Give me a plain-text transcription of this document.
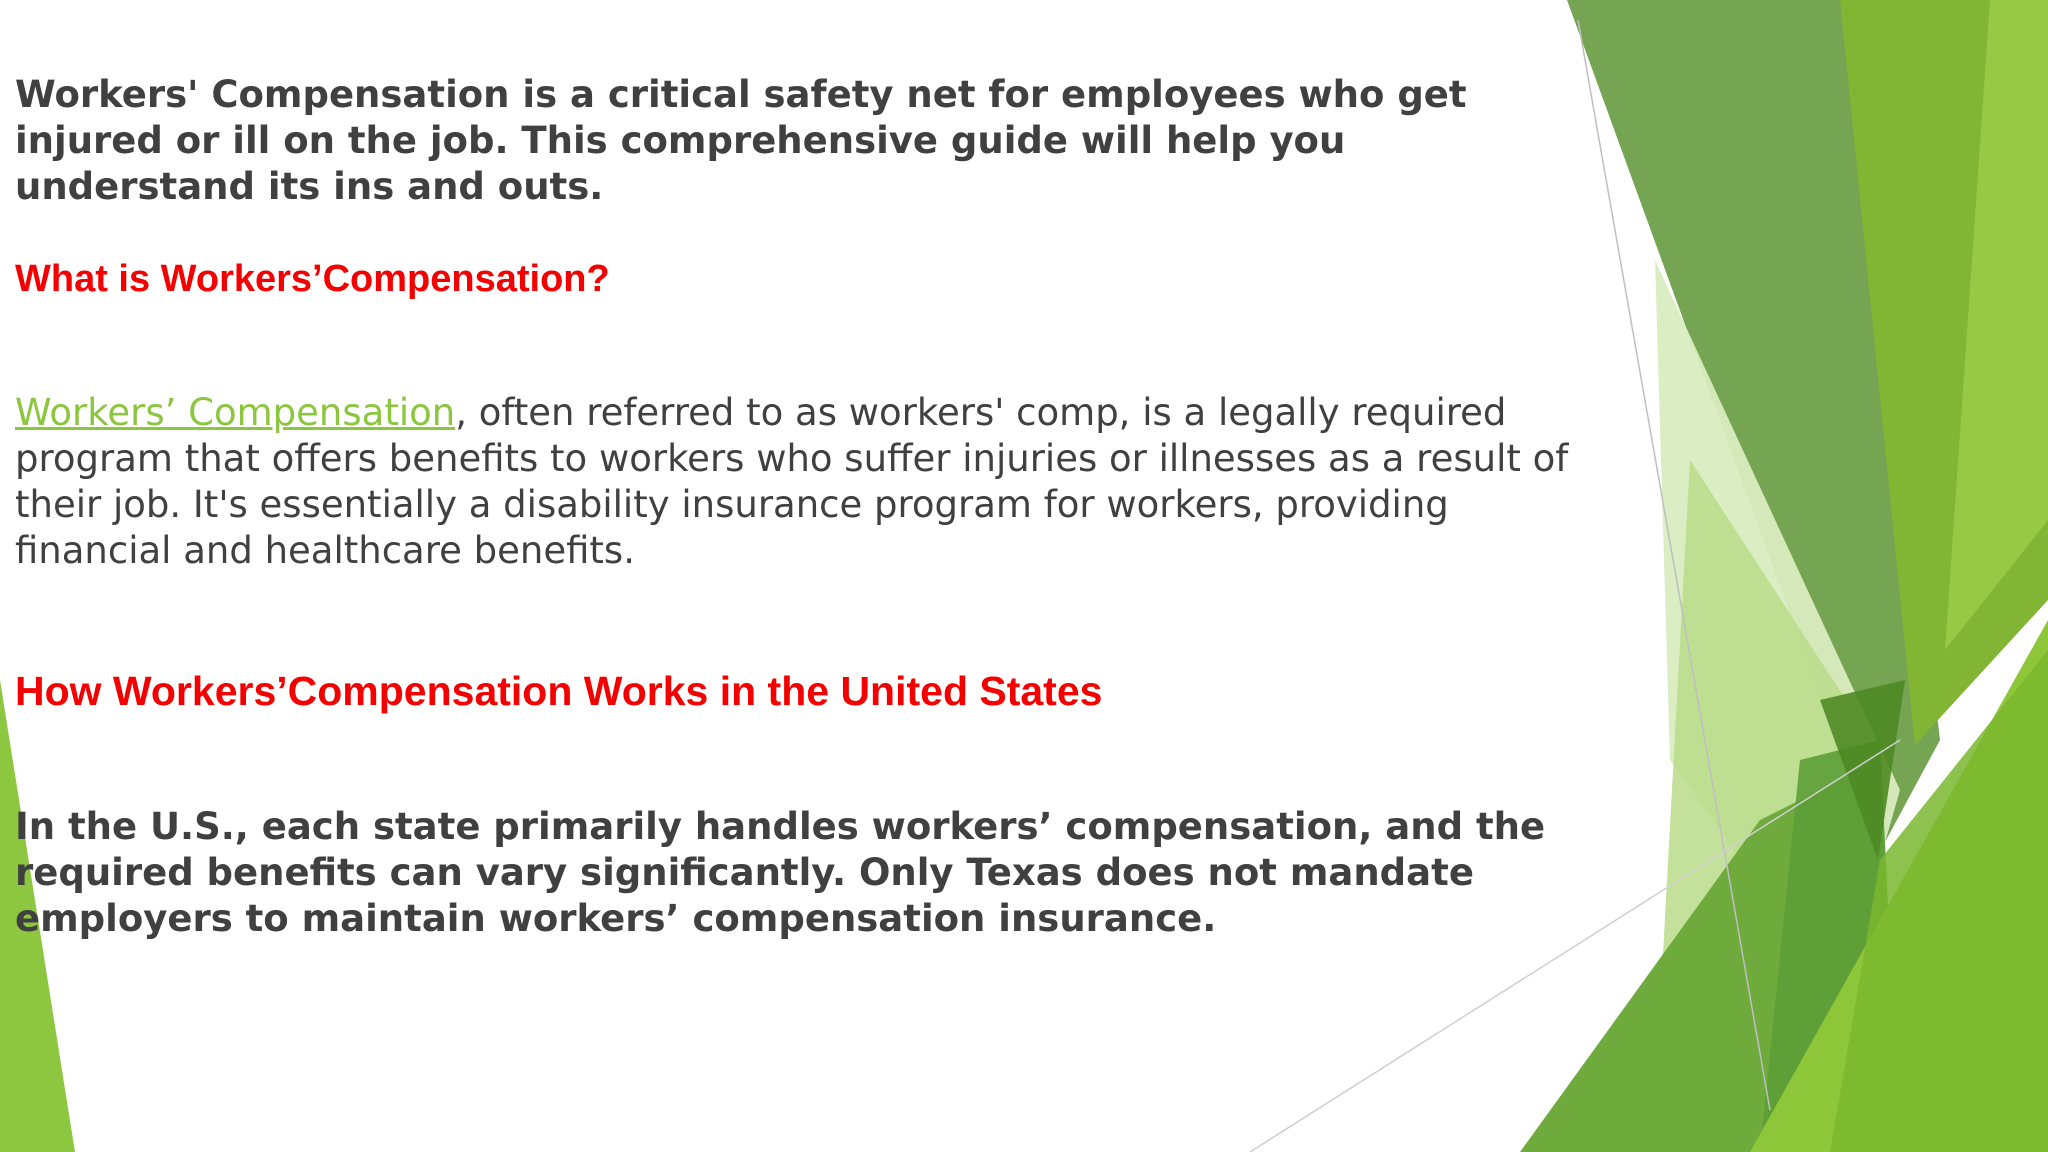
Workers' Compensation is a critical safety net for employees who get injured or ill on the job. This comprehensive guide will help you understand its ins and outs.

What is Workers’Compensation?

Workers’ Compensation, often referred to as workers' comp, is a legally required program that offers benefits to workers who suffer injuries or illnesses as a result of their job. It's essentially a disability insurance program for workers, providing financial and healthcare benefits.

How Workers’Compensation Works in the United States

In the U.S., each state primarily handles workers’ compensation, and the required benefits can vary significantly. Only Texas does not mandate employers to maintain workers’ compensation insurance.
